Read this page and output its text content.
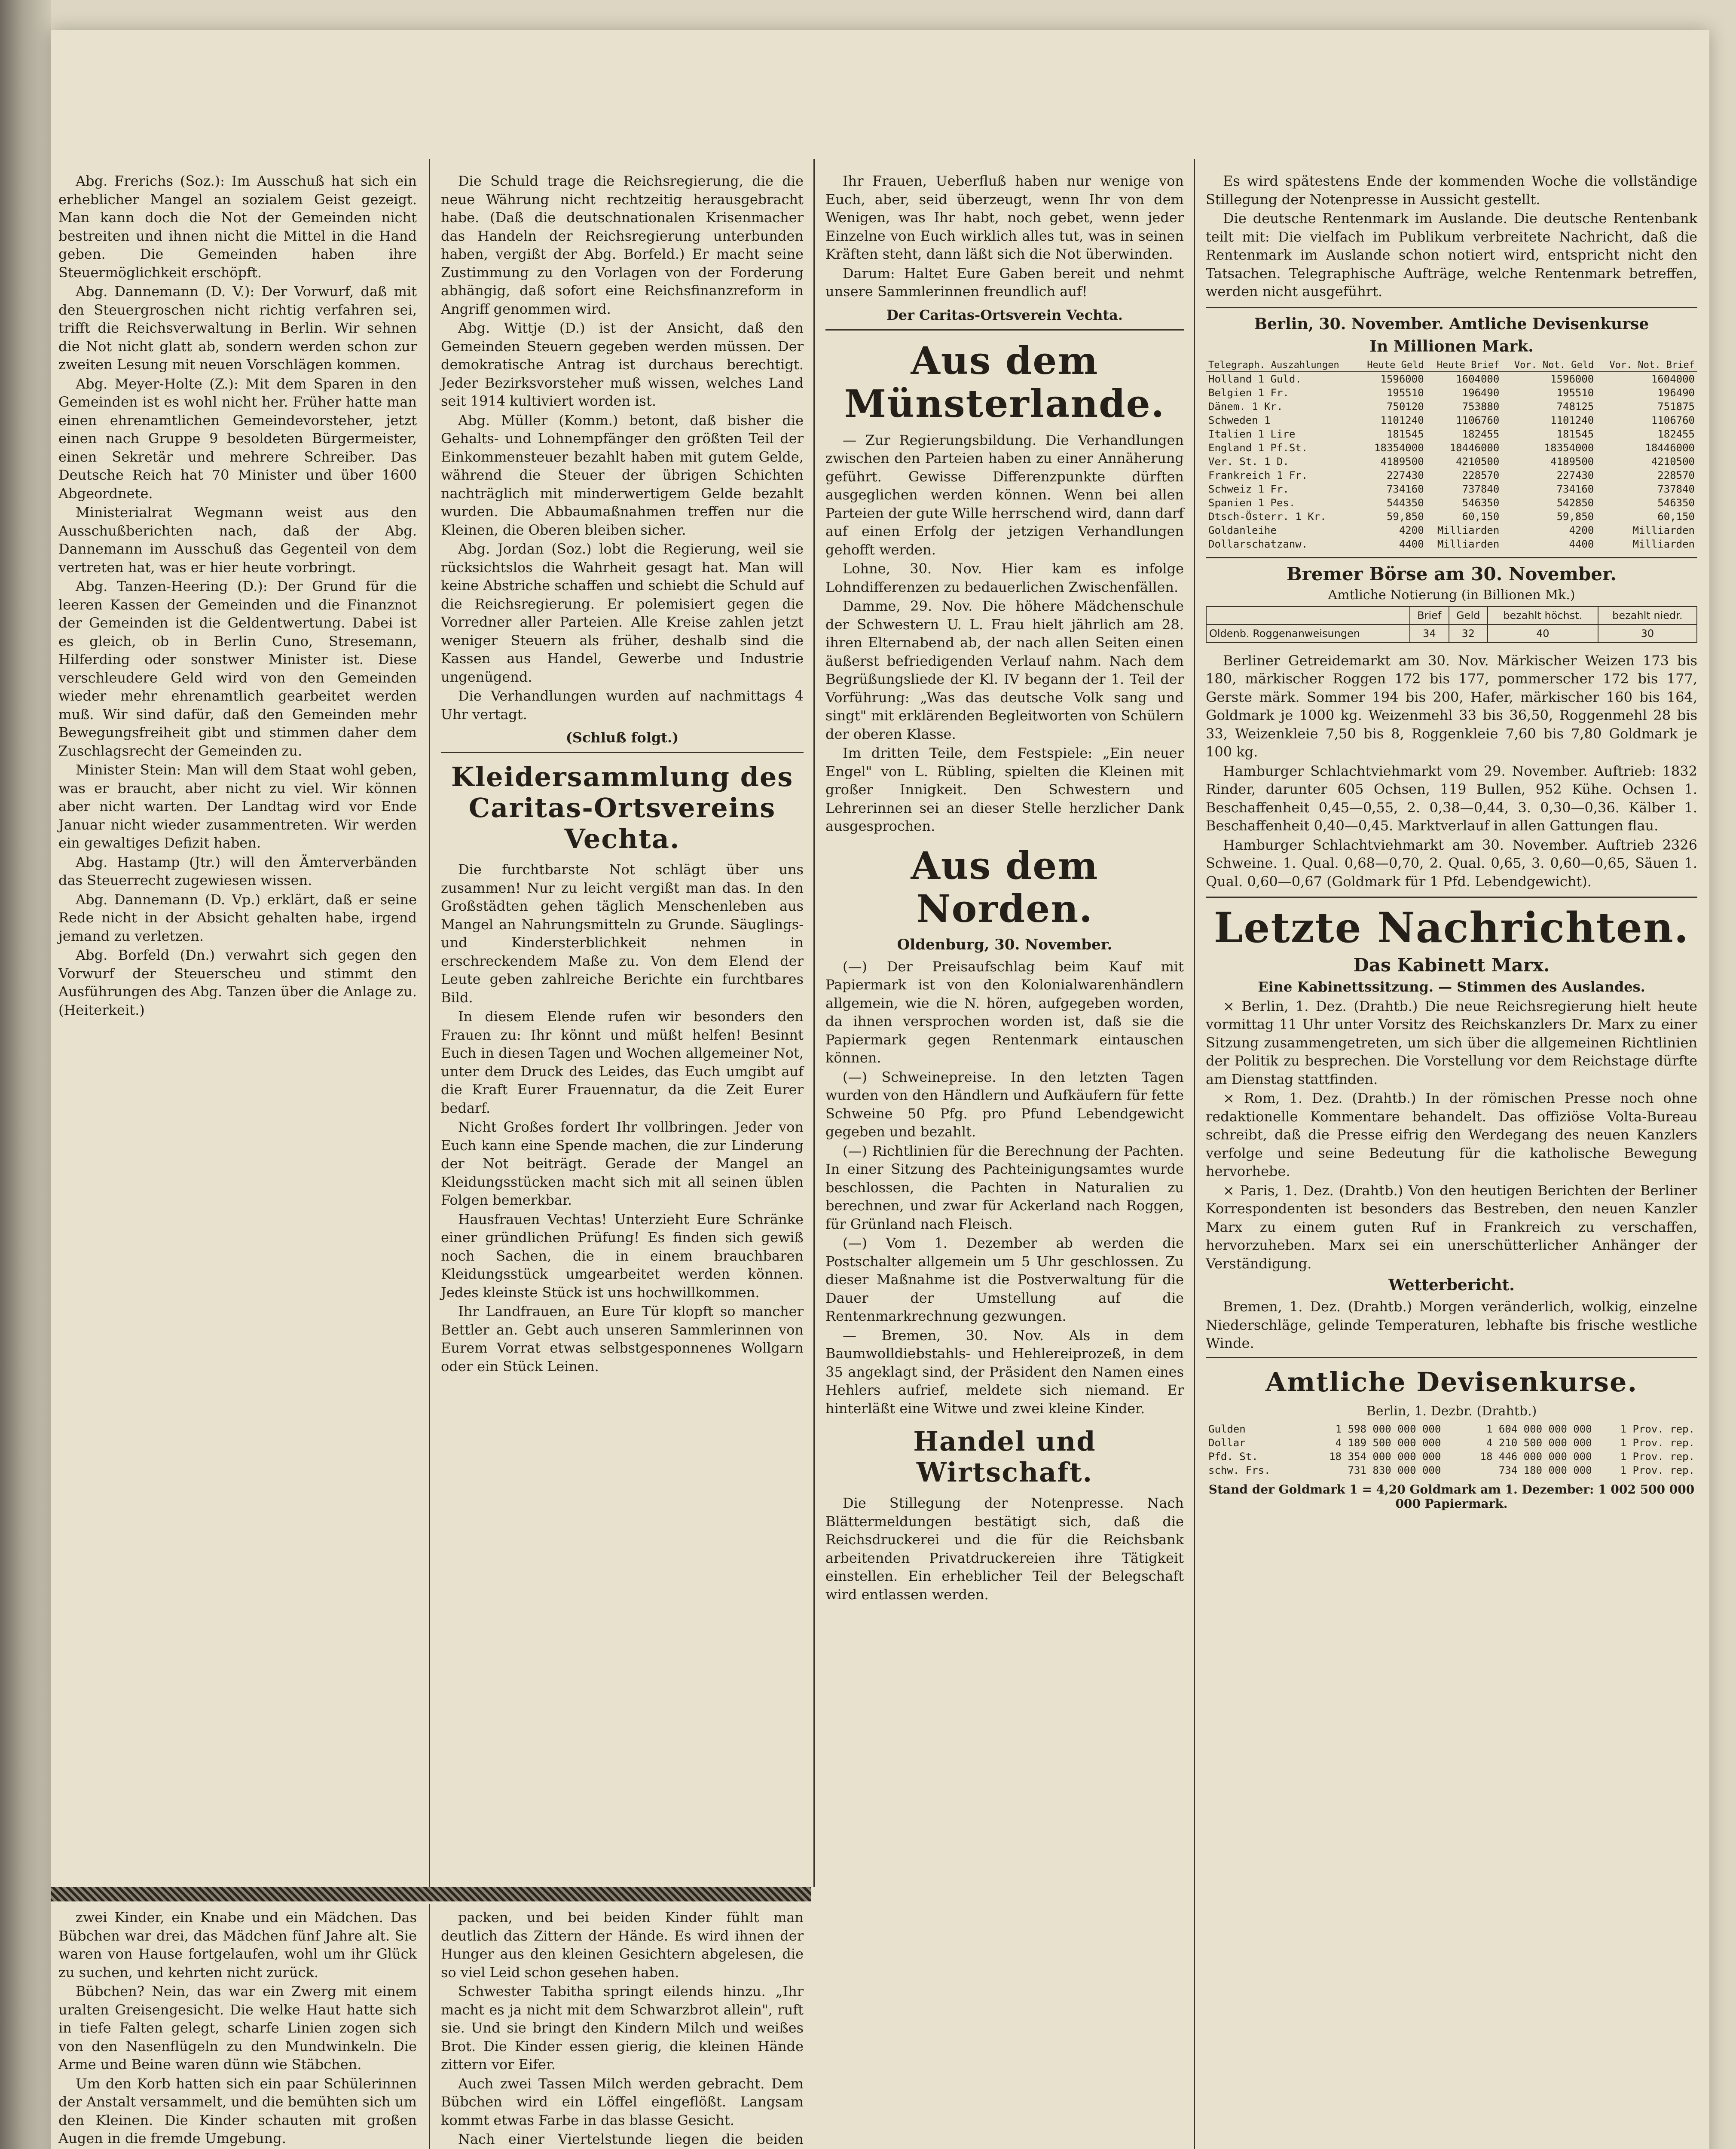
Abg. Frerichs (Soz.): Im Ausschuß hat sich ein erheblicher Mangel an sozialem Geist gezeigt. Man kann doch die Not der Gemeinden nicht bestreiten und ihnen nicht die Mittel in die Hand geben. Die Gemeinden haben ihre Steuermöglichkeit erschöpft.

Abg. Dannemann (D. V.): Der Vorwurf, daß mit den Steuergroschen nicht richtig verfahren sei, trifft die Reichsverwaltung in Berlin. Wir sehnen die Not nicht glatt ab, sondern werden schon zur zweiten Lesung mit neuen Vorschlägen kommen.

Abg. Meyer-Holte (Z.): Mit dem Sparen in den Gemeinden ist es wohl nicht her. Früher hatte man einen ehrenamtlichen Gemeindevorsteher, jetzt einen nach Gruppe 9 besoldeten Bürgermeister, einen Sekretär und mehrere Schreiber. Das Deutsche Reich hat 70 Minister und über 1600 Abgeordnete.

Ministerialrat Wegmann weist aus den Ausschußberichten nach, daß der Abg. Dannemann im Ausschuß das Gegenteil von dem vertreten hat, was er hier heute vorbringt.

Abg. Tanzen-Heering (D.): Der Grund für die leeren Kassen der Gemeinden und die Finanznot der Gemeinden ist die Geldentwertung. Dabei ist es gleich, ob in Berlin Cuno, Stresemann, Hilferding oder sonstwer Minister ist. Diese verschleudere Geld wird von den Gemeinden wieder mehr ehrenamtlich gearbeitet werden muß. Wir sind dafür, daß den Gemeinden mehr Bewegungsfreiheit gibt und stimmen daher dem Zuschlagsrecht der Gemeinden zu.

Minister Stein: Man will dem Staat wohl geben, was er braucht, aber nicht zu viel. Wir können aber nicht warten. Der Landtag wird vor Ende Januar nicht wieder zusammentreten. Wir werden ein gewaltiges Defizit haben.

Abg. Hastamp (Jtr.) will den Ämterverbänden das Steuerrecht zugewiesen wissen.

Abg. Dannemann (D. Vp.) erklärt, daß er seine Rede nicht in der Absicht gehalten habe, irgend jemand zu verletzen.

Abg. Borfeld (Dn.) verwahrt sich gegen den Vorwurf der Steuerscheu und stimmt den Ausführungen des Abg. Tanzen über die Anlage zu. (Heiterkeit.)

Die Schuld trage die Reichsregierung, die die neue Währung nicht rechtzeitig herausgebracht habe. (Daß die deutschnationalen Krisenmacher das Handeln der Reichsregierung unterbunden haben, vergißt der Abg. Borfeld.) Er macht seine Zustimmung zu den Vorlagen von der Forderung abhängig, daß sofort eine Reichsfinanzreform in Angriff genommen wird.

Abg. Wittje (D.) ist der Ansicht, daß den Gemeinden Steuern gegeben werden müssen. Der demokratische Antrag ist durchaus berechtigt. Jeder Bezirksvorsteher muß wissen, welches Land seit 1914 kultiviert worden ist.

Abg. Müller (Komm.) betont, daß bisher die Gehalts- und Lohnempfänger den größten Teil der Einkommensteuer bezahlt haben mit gutem Gelde, während die Steuer der übrigen Schichten nachträglich mit minderwertigem Gelde bezahlt wurden. Die Abbaumaßnahmen treffen nur die Kleinen, die Oberen bleiben sicher.

Abg. Jordan (Soz.) lobt die Regierung, weil sie rücksichtslos die Wahrheit gesagt hat. Man will keine Abstriche schaffen und schiebt die Schuld auf die Reichsregierung. Er polemisiert gegen die Vorredner aller Parteien. Alle Kreise zahlen jetzt weniger Steuern als früher, deshalb sind die Kassen aus Handel, Gewerbe und Industrie ungenügend.

Die Verhandlungen wurden auf nachmittags 4 Uhr vertagt.

(Schluß folgt.)
Kleidersammlung des Caritas-Ortsvereins Vechta.

Die furchtbarste Not schlägt über uns zusammen! Nur zu leicht vergißt man das. In den Großstädten gehen täglich Menschenleben aus Mangel an Nahrungsmitteln zu Grunde. Säuglings- und Kindersterblichkeit nehmen in erschreckendem Maße zu. Von dem Elend der Leute geben zahlreiche Berichte ein furchtbares Bild.

In diesem Elende rufen wir besonders den Frauen zu: Ihr könnt und müßt helfen! Besinnt Euch in diesen Tagen und Wochen allgemeiner Not, unter dem Druck des Leides, das Euch umgibt auf die Kraft Eurer Frauennatur, da die Zeit Eurer bedarf.

Nicht Großes fordert Ihr vollbringen. Jeder von Euch kann eine Spende machen, die zur Linderung der Not beiträgt. Gerade der Mangel an Kleidungsstücken macht sich mit all seinen üblen Folgen bemerkbar.

Hausfrauen Vechtas! Unterzieht Eure Schränke einer gründlichen Prüfung! Es finden sich gewiß noch Sachen, die in einem brauchbaren Kleidungsstück umgearbeitet werden können. Jedes kleinste Stück ist uns hochwillkommen.

Ihr Landfrauen, an Eure Tür klopft so mancher Bettler an. Gebt auch unseren Sammlerinnen von Eurem Vorrat etwas selbstgesponnenes Wollgarn oder ein Stück Leinen.

Ihr Frauen, Ueberfluß haben nur wenige von Euch, aber, seid überzeugt, wenn Ihr von dem Wenigen, was Ihr habt, noch gebet, wenn jeder Einzelne von Euch wirklich alles tut, was in seinen Kräften steht, dann läßt sich die Not überwinden.

Darum: Haltet Eure Gaben bereit und nehmt unsere Sammlerinnen freundlich auf!

Der Caritas-Ortsverein Vechta.
Aus dem Münsterlande.

— Zur Regierungsbildung. Die Verhandlungen zwischen den Parteien haben zu einer Annäherung geführt. Gewisse Differenzpunkte dürften ausgeglichen werden können. Wenn bei allen Parteien der gute Wille herrschend wird, dann darf auf einen Erfolg der jetzigen Verhandlungen gehofft werden.

Lohne, 30. Nov. Hier kam es infolge Lohndifferenzen zu bedauerlichen Zwischenfällen.

Damme, 29. Nov. Die höhere Mädchenschule der Schwestern U. L. Frau hielt jährlich am 28. ihren Elternabend ab, der nach allen Seiten einen äußerst befriedigenden Verlauf nahm. Nach dem Begrüßungsliede der Kl. IV begann der 1. Teil der Vorführung: „Was das deutsche Volk sang und singt" mit erklärenden Begleitworten von Schülern der oberen Klasse.

Im dritten Teile, dem Festspiele: „Ein neuer Engel" von L. Rübling, spielten die Kleinen mit großer Innigkeit. Den Schwestern und Lehrerinnen sei an dieser Stelle herzlicher Dank ausgesprochen.

Aus dem Norden.
Oldenburg, 30. November.

(—) Der Preisaufschlag beim Kauf mit Papiermark ist von den Kolonialwarenhändlern allgemein, wie die N. hören, aufgegeben worden, da ihnen versprochen worden ist, daß sie die Papiermark gegen Rentenmark eintauschen können.

(—) Schweinepreise. In den letzten Tagen wurden von den Händlern und Aufkäufern für fette Schweine 50 Pfg. pro Pfund Lebendgewicht gegeben und bezahlt.

(—) Richtlinien für die Berechnung der Pachten. In einer Sitzung des Pachteinigungsamtes wurde beschlossen, die Pachten in Naturalien zu berechnen, und zwar für Ackerland nach Roggen, für Grünland nach Fleisch.

(—) Vom 1. Dezember ab werden die Postschalter allgemein um 5 Uhr geschlossen. Zu dieser Maßnahme ist die Postverwaltung für die Dauer der Umstellung auf die Rentenmarkrechnung gezwungen.

— Bremen, 30. Nov. Als in dem Baumwolldiebstahls- und Hehlereiprozeß, in dem 35 angeklagt sind, der Präsident den Namen eines Hehlers aufrief, meldete sich niemand. Er hinterläßt eine Witwe und zwei kleine Kinder.

Handel und Wirtschaft.

Die Stillegung der Notenpresse. Nach Blättermeldungen bestätigt sich, daß die Reichsdruckerei und die für die Reichsbank arbeitenden Privatdruckereien ihre Tätigkeit einstellen. Ein erheblicher Teil der Belegschaft wird entlassen werden.

Es wird spätestens Ende der kommenden Woche die vollständige Stillegung der Notenpresse in Aussicht gestellt.

Die deutsche Rentenmark im Auslande. Die deutsche Rentenbank teilt mit: Die vielfach im Publikum verbreitete Nachricht, daß die Rentenmark im Auslande schon notiert wird, entspricht nicht den Tatsachen. Telegraphische Aufträge, welche Rentenmark betreffen, werden nicht ausgeführt.

Berlin, 30. November. Amtliche Devisenkurse
In Millionen Mark.
Telegraph. Auszahlungen	Heute Geld	Heute Brief	Vor. Not. Geld	Vor. Not. Brief
Holland 1 Guld.	1596000	1604000	1596000	1604000
Belgien 1 Fr.	195510	196490	195510	196490
Dänem. 1 Kr.	750120	753880	748125	751875
Schweden 1	1101240	1106760	1101240	1106760
Italien 1 Lire	181545	182455	181545	182455
England 1 Pf.St.	18354000	18446000	18354000	18446000
Ver. St. 1 D.	4189500	4210500	4189500	4210500
Frankreich 1 Fr.	227430	228570	227430	228570
Schweiz 1 Fr.	734160	737840	734160	737840
Spanien 1 Pes.	544350	546350	542850	546350
Dtsch-Österr. 1 Kr.	59,850	60,150	59,850	60,150
Goldanleihe	4200	Milliarden	4200	Milliarden
Dollarschatzanw.	4400	Milliarden	4400	Milliarden
Bremer Börse am 30. November.
Amtliche Notierung (in Billionen Mk.)
	Brief	Geld	bezahlt höchst.	bezahlt niedr.
Oldenb. Roggenanweisungen	34	32	40	30

Berliner Getreidemarkt am 30. Nov. Märkischer Weizen 173 bis 180, märkischer Roggen 172 bis 177, pommerscher 172 bis 177, Gerste märk. Sommer 194 bis 200, Hafer, märkischer 160 bis 164, Goldmark je 1000 kg. Weizenmehl 33 bis 36,50, Roggenmehl 28 bis 33, Weizenkleie 7,50 bis 8, Roggenkleie 7,60 bis 7,80 Goldmark je 100 kg.

Hamburger Schlachtviehmarkt vom 29. November. Auftrieb: 1832 Rinder, darunter 605 Ochsen, 119 Bullen, 952 Kühe. Ochsen 1. Beschaffenheit 0,45—0,55, 2. 0,38—0,44, 3. 0,30—0,36. Kälber 1. Beschaffenheit 0,40—0,45. Marktverlauf in allen Gattungen flau.

Hamburger Schlachtviehmarkt am 30. November. Auftrieb 2326 Schweine. 1. Qual. 0,68—0,70, 2. Qual. 0,65, 3. 0,60—0,65, Säuen 1. Qual. 0,60—0,67 (Goldmark für 1 Pfd. Lebendgewicht).

Letzte Nachrichten.
Das Kabinett Marx.

Eine Kabinettssitzung. — Stimmen des Auslandes.

× Berlin, 1. Dez. (Drahtb.) Die neue Reichsregierung hielt heute vormittag 11 Uhr unter Vorsitz des Reichskanzlers Dr. Marx zu einer Sitzung zusammengetreten, um sich über die allgemeinen Richtlinien der Politik zu besprechen. Die Vorstellung vor dem Reichstage dürfte am Dienstag stattfinden.

× Rom, 1. Dez. (Drahtb.) In der römischen Presse noch ohne redaktionelle Kommentare behandelt. Das offiziöse Volta-Bureau schreibt, daß die Presse eifrig den Werdegang des neuen Kanzlers verfolge und seine Bedeutung für die katholische Bewegung hervorhebe.

× Paris, 1. Dez. (Drahtb.) Von den heutigen Berichten der Berliner Korrespondenten ist besonders das Bestreben, den neuen Kanzler Marx zu einem guten Ruf in Frankreich zu verschaffen, hervorzuheben. Marx sei ein unerschütterlicher Anhänger der Verständigung.

Wetterbericht.

Bremen, 1. Dez. (Drahtb.) Morgen veränderlich, wolkig, einzelne Niederschläge, gelinde Temperaturen, lebhafte bis frische westliche Winde.

Amtliche Devisenkurse.
Berlin, 1. Dezbr. (Drahtb.)
Gulden	1 598 000 000 000	1 604 000 000 000	1 Prov. rep.
Dollar	4 189 500 000 000	4 210 500 000 000	1 Prov. rep.
Pfd. St.	18 354 000 000 000	18 446 000 000 000	1 Prov. rep.
schw. Frs.	731 830 000 000	734 180 000 000	1 Prov. rep.
Stand der Goldmark 1 = 4,20 Goldmark am 1. Dezember: 1 002 500 000 000 Papiermark.

zwei Kinder, ein Knabe und ein Mädchen. Das Bübchen war drei, das Mädchen fünf Jahre alt. Sie waren von Hause fortgelaufen, wohl um ihr Glück zu suchen, und kehrten nicht zurück.

Bübchen? Nein, das war ein Zwerg mit einem uralten Greisengesicht. Die welke Haut hatte sich in tiefe Falten gelegt, scharfe Linien zogen sich von den Nasenflügeln zu den Mundwinkeln. Die Arme und Beine waren dünn wie Stäbchen.

Um den Korb hatten sich ein paar Schülerinnen der Anstalt versammelt, und die bemühten sich um den Kleinen. Die Kinder schauten mit großen Augen in die fremde Umgebung.

packen, und bei beiden Kinder fühlt man deutlich das Zittern der Hände. Es wird ihnen der Hunger aus den kleinen Gesichtern abgelesen, die so viel Leid schon gesehen haben.

Schwester Tabitha springt eilends hinzu. „Ihr macht es ja nicht mit dem Schwarzbrot allein", ruft sie. Und sie bringt den Kindern Milch und weißes Brot. Die Kinder essen gierig, die kleinen Hände zittern vor Eifer.

Auch zwei Tassen Milch werden gebracht. Dem Bübchen wird ein Löffel eingeflößt. Langsam kommt etwas Farbe in das blasse Gesicht.

Nach einer Viertelstunde liegen die beiden
